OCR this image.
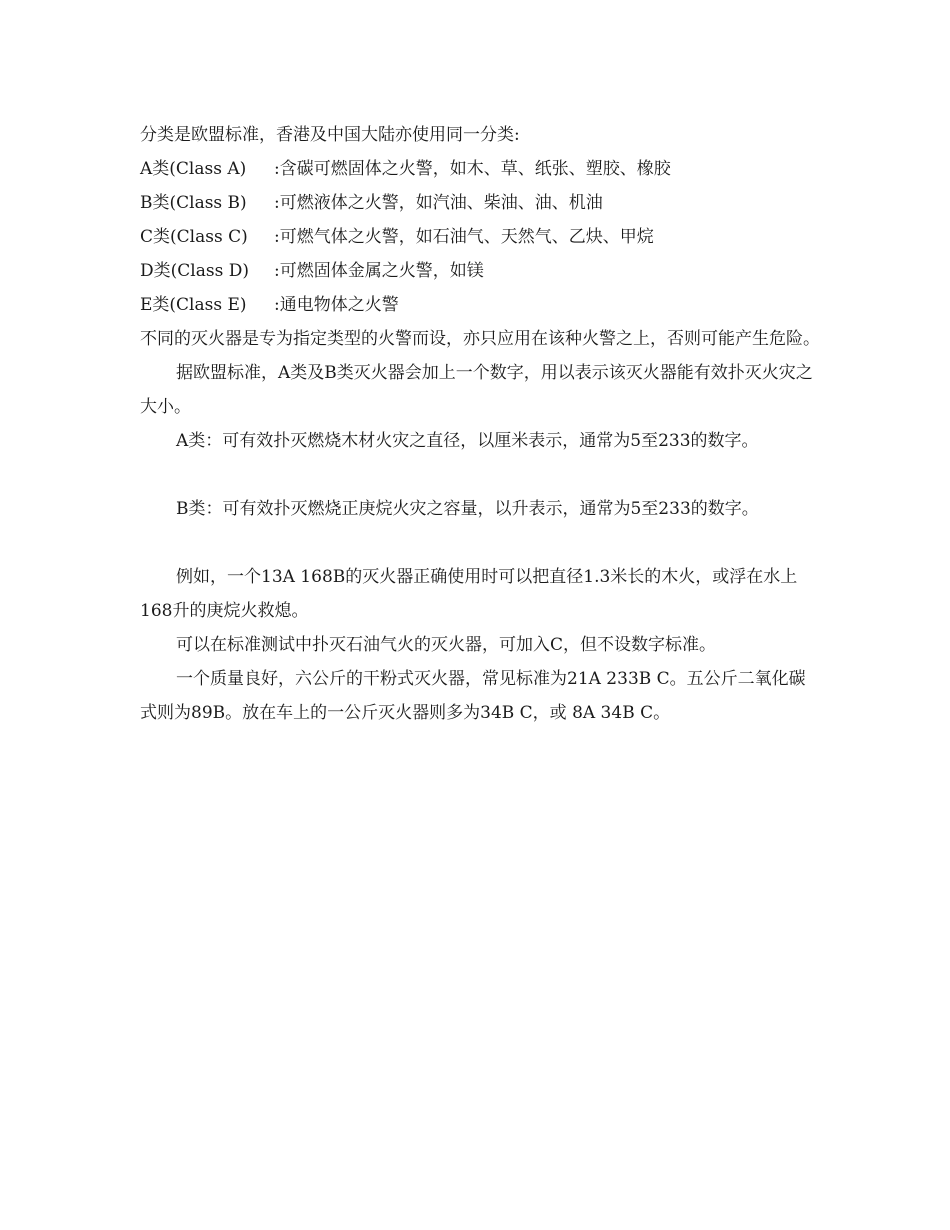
分类是欧盟标准，香港及中国大陆亦使用同一分类:

A类(Class A)	:含碳可燃固体之火警，如木、草、纸张、塑胶、橡胶
B类(Class B)	:可燃液体之火警，如汽油、柴油、油、机油
C类(Class C)	:可燃气体之火警，如石油气、天然气、乙炔、甲烷
D类(Class D)	:可燃固体金属之火警，如镁
E类(Class E)	:通电物体之火警

不同的灭火器是专为指定类型的火警而设，亦只应用在该种火警之上，否则可能产生危险。

据欧盟标准，A类及B类灭火器会加上一个数字，用以表示该灭火器能有效扑灭火灾之大小。

A类：可有效扑灭燃烧木材火灾之直径，以厘米表示，通常为5至233的数字。

B类：可有效扑灭燃烧正庚烷火灾之容量，以升表示，通常为5至233的数字。

例如，一个13A 168B的灭火器正确使用时可以把直径1.3米长的木火，或浮在水上168升的庚烷火救熄。

可以在标准测试中扑灭石油气火的灭火器，可加入C，但不设数字标准。

一个质量良好，六公斤的干粉式灭火器，常见标准为21A 233B C。五公斤二氧化碳式则为89B。放在车上的一公斤灭火器则多为34B C，或 8A 34B C。
